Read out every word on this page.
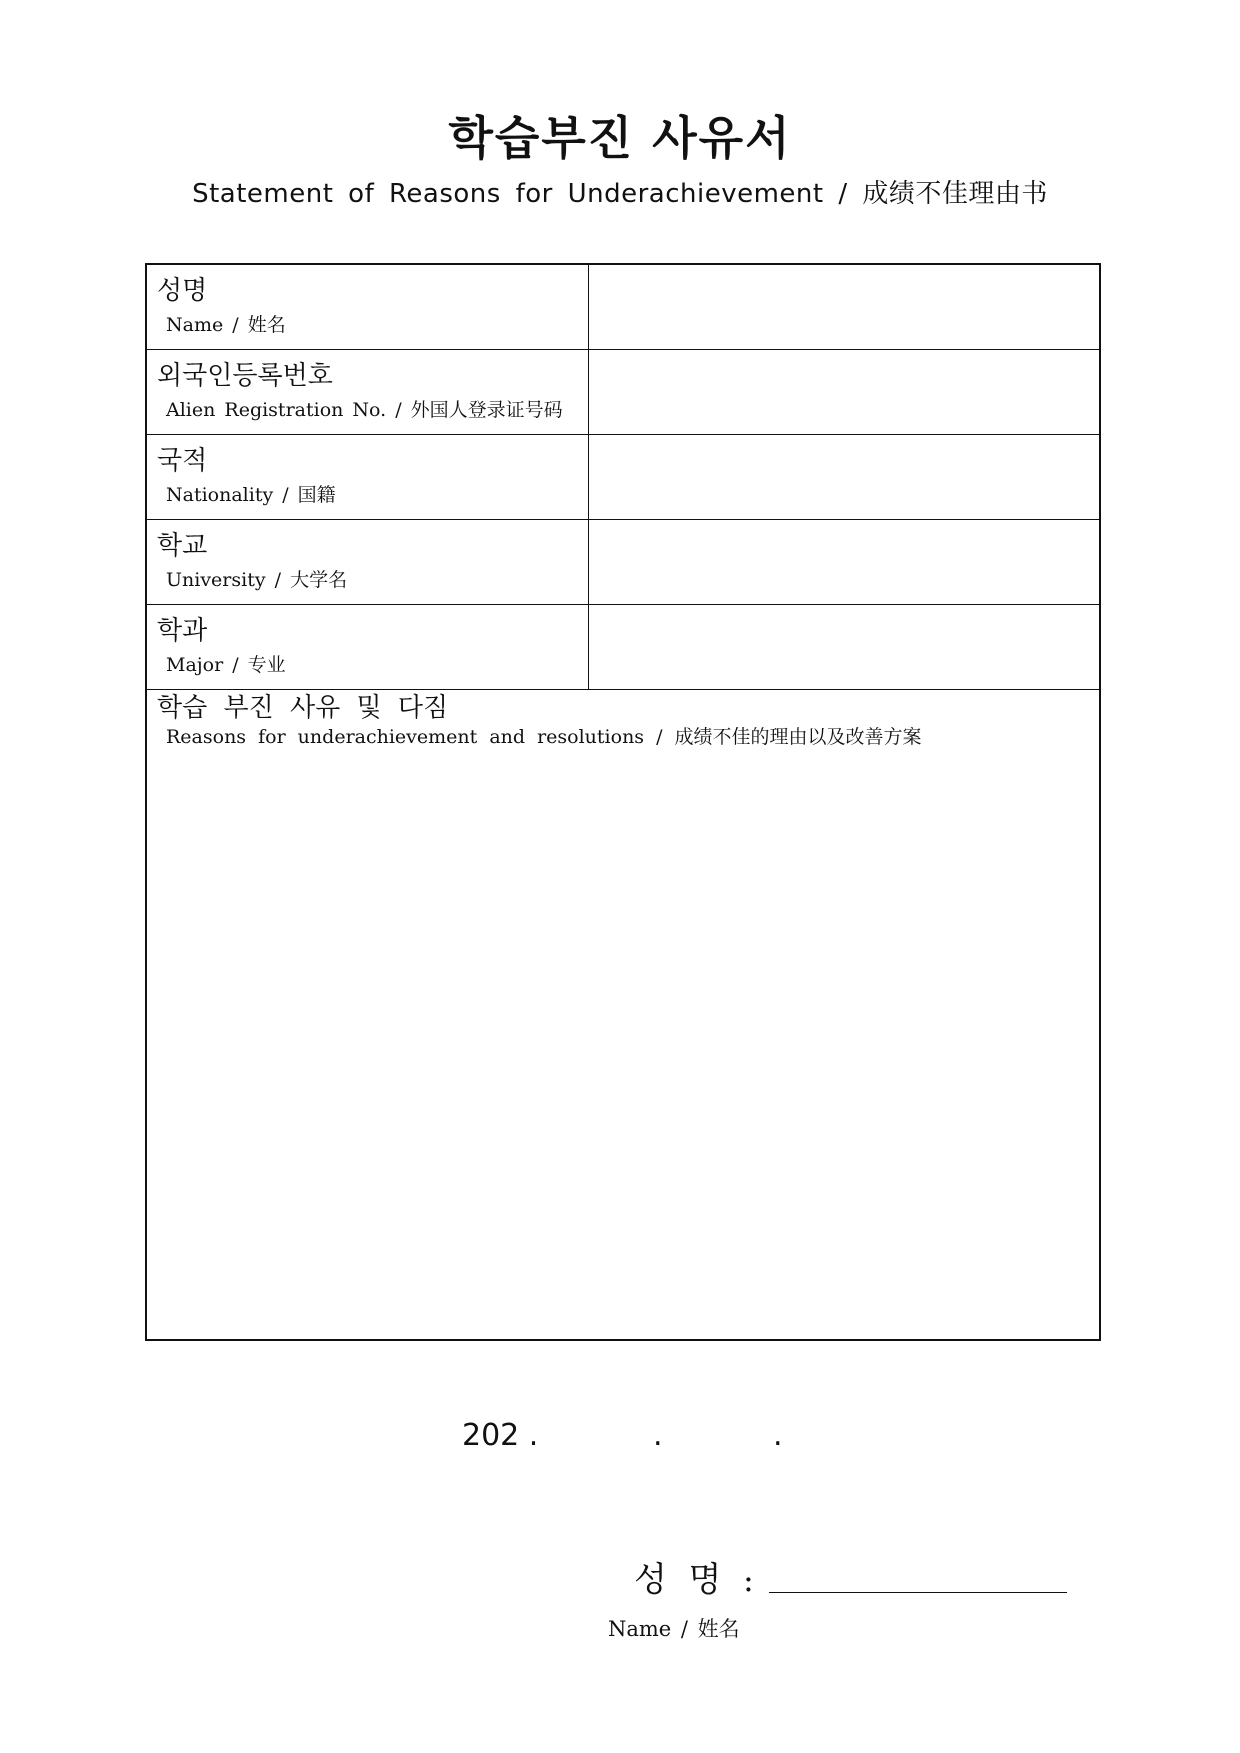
학습부진 사유서
Statement of Reasons for Underachievement / 成绩不佳理由书
성명
Name / 姓名
외국인등록번호
Alien Registration No. / 外国人登录证号码
국적
Nationality / 国籍
학교
University / 大学名
학과
Major / 专业
학습 부진 사유 및 다짐
Reasons for underachievement and resolutions / 成绩不佳的理由以及改善方案
202 .	.	.
성  명 :
Name / 姓名
